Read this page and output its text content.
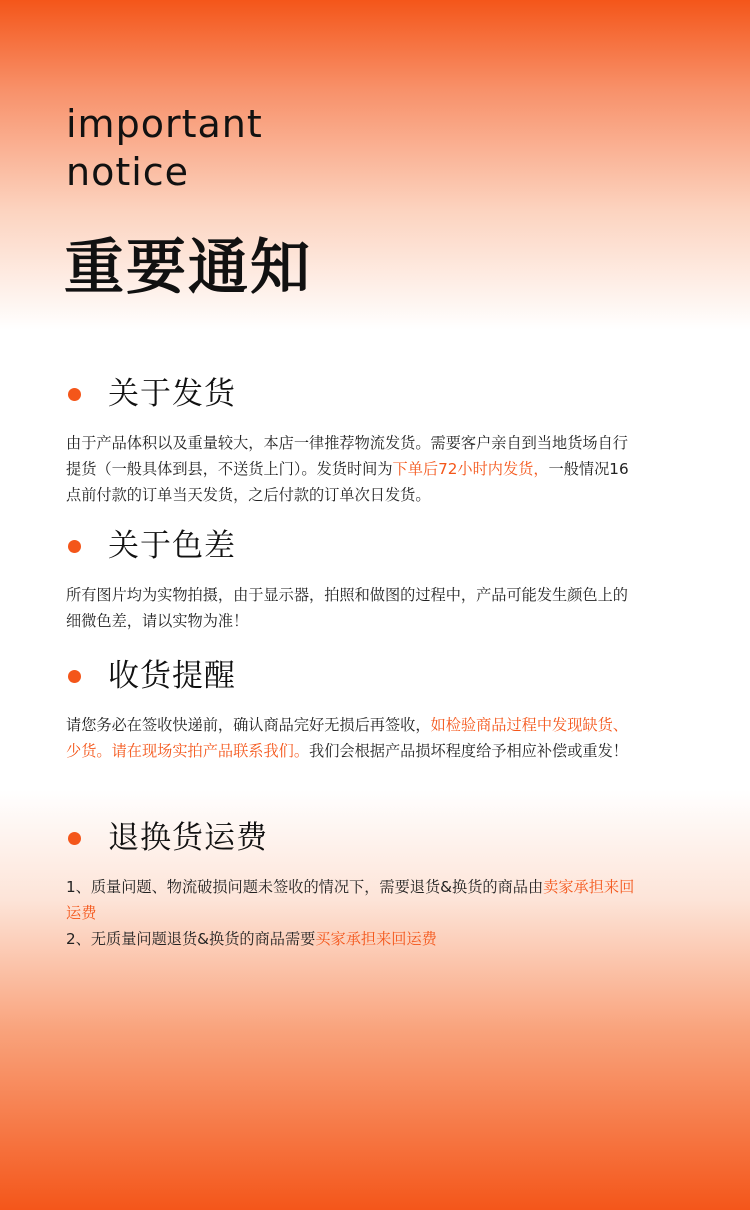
important
notice
重要通知
关于发货
由于产品体积以及重量较大，本店一律推荐物流发货。需要客户亲自到当地货场自行提货（一般具体到县，不送货上门）。发货时间为下单后72小时内发货，一般情况16点前付款的订单当天发货，之后付款的订单次日发货。
关于色差
所有图片均为实物拍摄，由于显示器，拍照和做图的过程中，产品可能发生颜色上的细微色差，请以实物为准！
收货提醒
请您务必在签收快递前，确认商品完好无损后再签收，如检验商品过程中发现缺货、少货。请在现场实拍产品联系我们。我们会根据产品损坏程度给予相应补偿或重发！
退换货运费
1、质量问题、物流破损问题未签收的情况下，需要退货&换货的商品由卖家承担来回运费
2、无质量问题退货&换货的商品需要买家承担来回运费
